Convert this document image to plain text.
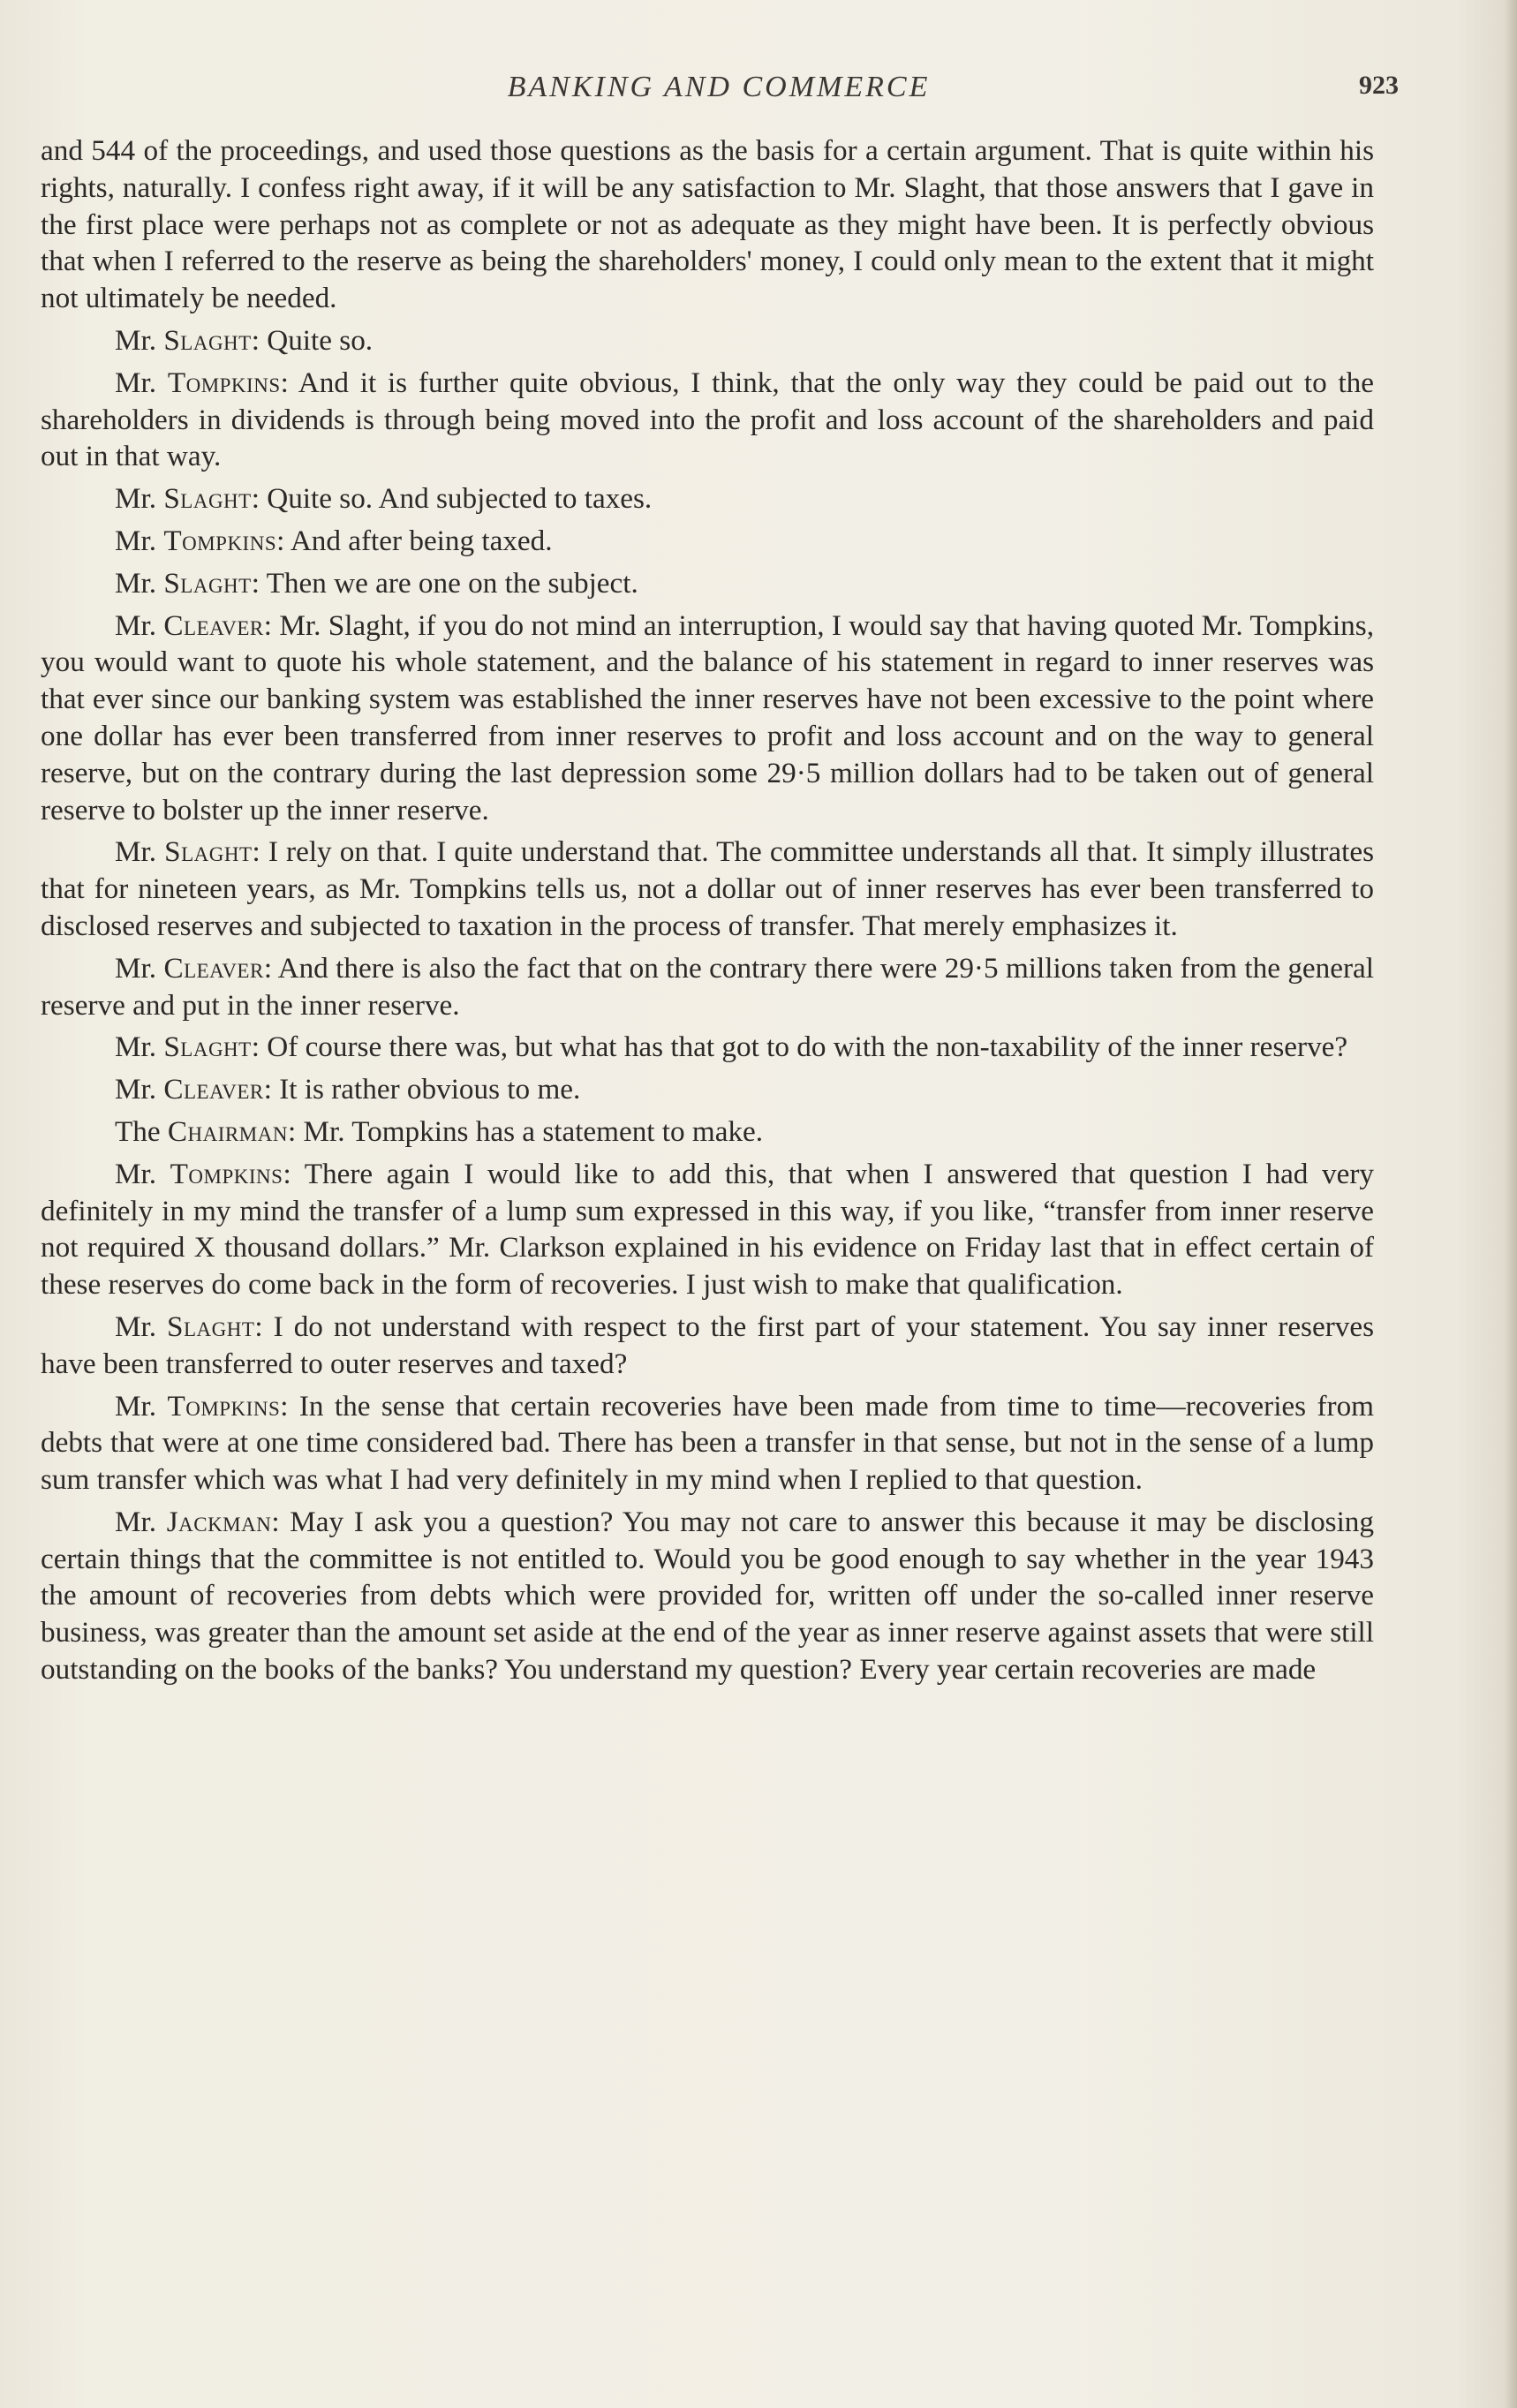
BANKING AND COMMERCE	923

and 544 of the proceedings, and used those questions as the basis for a certain argument. That is quite within his rights, naturally. I confess right away, if it will be any satisfaction to Mr. Slaght, that those answers that I gave in the first place were perhaps not as complete or not as adequate as they might have been. It is perfectly obvious that when I referred to the reserve as being the shareholders' money, I could only mean to the extent that it might not ultimately be needed.

Mr. Slaght: Quite so.

Mr. Tompkins: And it is further quite obvious, I think, that the only way they could be paid out to the shareholders in dividends is through being moved into the profit and loss account of the shareholders and paid out in that way.

Mr. Slaght: Quite so. And subjected to taxes.

Mr. Tompkins: And after being taxed.

Mr. Slaght: Then we are one on the subject.

Mr. Cleaver: Mr. Slaght, if you do not mind an interruption, I would say that having quoted Mr. Tompkins, you would want to quote his whole statement, and the balance of his statement in regard to inner reserves was that ever since our banking system was established the inner reserves have not been excessive to the point where one dollar has ever been transferred from inner reserves to profit and loss account and on the way to general reserve, but on the contrary during the last depression some 29·5 million dollars had to be taken out of general reserve to bolster up the inner reserve.

Mr. Slaght: I rely on that. I quite understand that. The committee understands all that. It simply illustrates that for nineteen years, as Mr. Tompkins tells us, not a dollar out of inner reserves has ever been transferred to disclosed reserves and subjected to taxation in the process of transfer. That merely emphasizes it.

Mr. Cleaver: And there is also the fact that on the contrary there were 29·5 millions taken from the general reserve and put in the inner reserve.

Mr. Slaght: Of course there was, but what has that got to do with the non-taxability of the inner reserve?

Mr. Cleaver: It is rather obvious to me.

The Chairman: Mr. Tompkins has a statement to make.

Mr. Tompkins: There again I would like to add this, that when I answered that question I had very definitely in my mind the transfer of a lump sum expressed in this way, if you like, “transfer from inner reserve not required X thousand dollars.” Mr. Clarkson explained in his evidence on Friday last that in effect certain of these reserves do come back in the form of recoveries. I just wish to make that qualification.

Mr. Slaght: I do not understand with respect to the first part of your statement. You say inner reserves have been transferred to outer reserves and taxed?

Mr. Tompkins: In the sense that certain recoveries have been made from time to time—recoveries from debts that were at one time considered bad. There has been a transfer in that sense, but not in the sense of a lump sum transfer which was what I had very definitely in my mind when I replied to that question.

Mr. Jackman: May I ask you a question? You may not care to answer this because it may be disclosing certain things that the committee is not entitled to. Would you be good enough to say whether in the year 1943 the amount of recoveries from debts which were provided for, written off under the so-called inner reserve business, was greater than the amount set aside at the end of the year as inner reserve against assets that were still outstanding on the books of the banks? You understand my question? Every year certain recoveries are made
